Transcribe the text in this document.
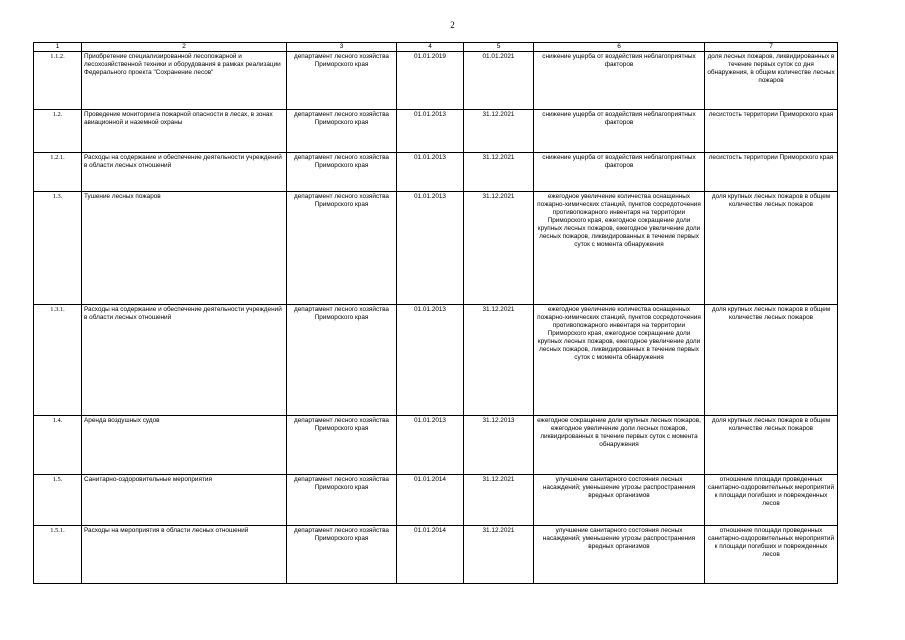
2
1	2	3	4	5	6	7
1.1.2.	Приобретение специализированной лесопожарной и лесохозяйственной техники и оборудования в рамках реализации Федерального проекта "Сохранение лесов"	департамент лесного хозяйства Приморского края	01.01.2019	01.01.2021	снижение ущерба от воздействия неблагоприятных факторов	доля лесных пожаров, ликвидированных в течение первых суток со дня обнаружения, в общем количестве лесных пожаров
1.2.	Проведение мониторинга пожарной опасности в лесах, в зонах авиационной и наземной охраны	департамент лесного хозяйства Приморского края	01.01.2013	31.12.2021	снижение ущерба от воздействия неблагоприятных факторов	лесистость территории Приморского края
1.2.1.	Расходы на содержание и обеспечение деятельности учреждений в области лесных отношений	департамент лесного хозяйства Приморского края	01.01.2013	31.12.2021	снижение ущерба от воздействия неблагоприятных факторов	лесистость территории Приморского края
1.3.	Тушение лесных пожаров	департамент лесного хозяйства Приморского края	01.01.2013	31.12.2021	ежегодное увеличение количества оснащенных пожарно-химических станций, пунктов сосредоточения противопожарного инвентаря на территории Приморского края, ежегодное сокращение доли крупных лесных пожаров, ежегодное увеличение доли лесных пожаров, ликвидированных в течение первых суток с момента обнаружения	доля крупных лесных пожаров в общем количестве лесных пожаров
1.3.1.	Расходы на содержание и обеспечение деятельности учреждений в области лесных отношений	департамент лесного хозяйства Приморского края	01.01.2013	31.12.2021	ежегодное увеличение количества оснащенных пожарно-химических станций, пунктов сосредоточения противопожарного инвентаря на территории Приморского края, ежегодное сокращение доли крупных лесных пожаров, ежегодное увеличение доли лесных пожаров, ликвидированных в течение первых суток с момента обнаружения	доля крупных лесных пожаров в общем количестве лесных пожаров
1.4.	Аренда воздушных судов	департамент лесного хозяйства Приморского края	01.01.2013	31.12.2013	ежегодное сокращение доли крупных лесных пожаров, ежегодное увеличение доли лесных пожаров, ликвидированных в течение первых суток с момента обнаружения	доля крупных лесных пожаров в общем количестве лесных пожаров
1.5.	Санитарно-оздоровительные мероприятия	департамент лесного хозяйства Приморского края	01.01.2014	31.12.2021	улучшение санитарного состояния лесных насаждений; уменьшение угрозы распространения вредных организмов	отношение площади проведенных санитарно-оздоровительных мероприятий к площади погибших и поврежденных лесов
1.5.1.	Расходы на мероприятия в области лесных отношений	департамент лесного хозяйства Приморского края	01.01.2014	31.12.2021	улучшение санитарного состояния лесных насаждений; уменьшение угрозы распространения вредных организмов	отношение площади проведенных санитарно-оздоровительных мероприятий к площади погибших и поврежденных лесов
